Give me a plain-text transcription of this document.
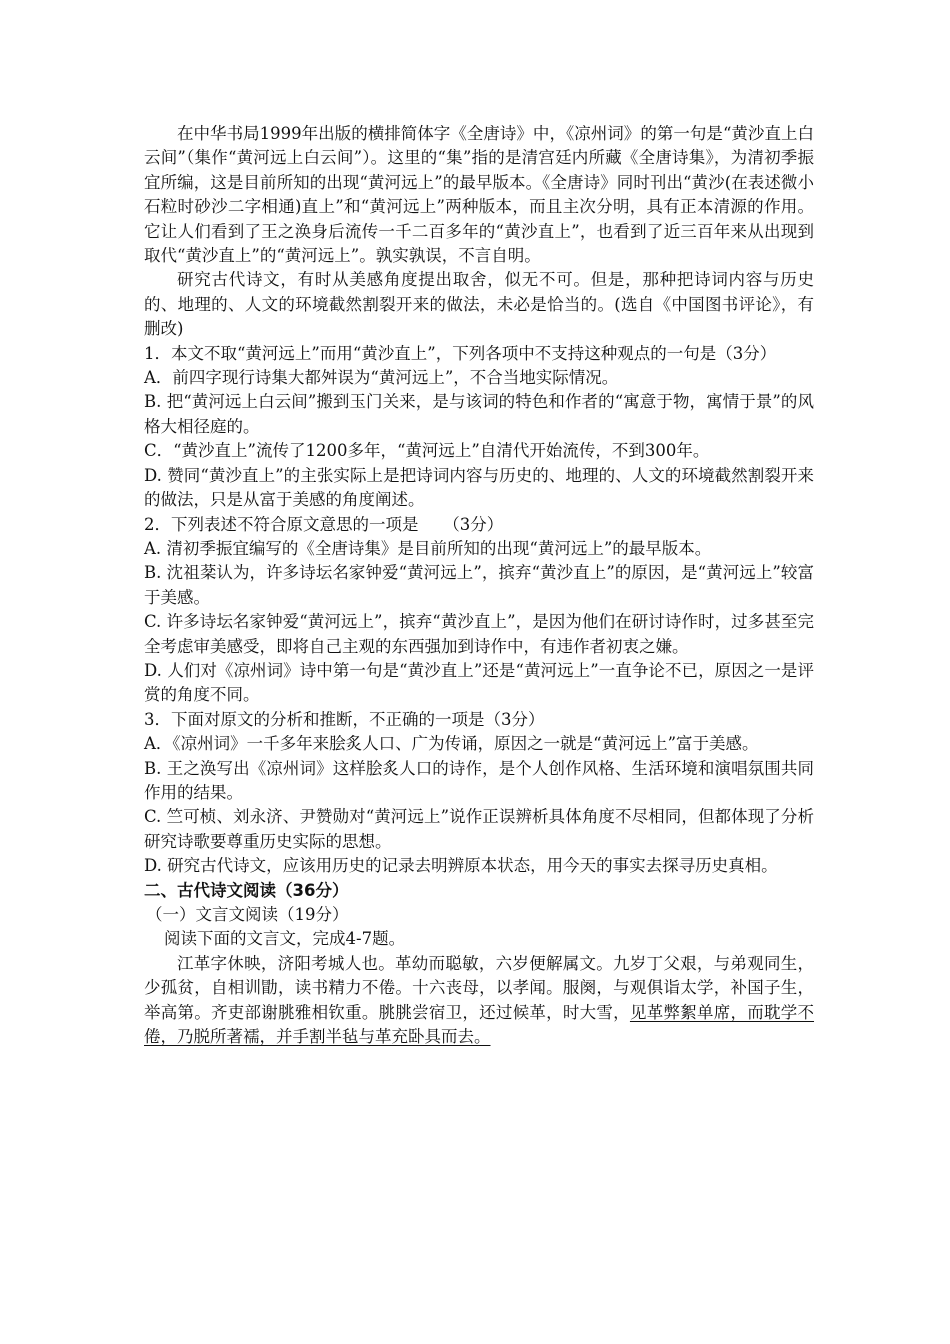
在中华书局1999年出版的横排简体字《全唐诗》中，《凉州词》的第一句是“黄沙直上白云间”（集作“黄河远上白云间”）。这里的“集”指的是清宫廷内所藏《全唐诗集》，为清初季振宜所编，这是目前所知的出现“黄河远上”的最早版本。《全唐诗》同时刊出“黄沙(在表述微小石粒时砂沙二字相通)直上”和“黄河远上”两种版本，而且主次分明，具有正本清源的作用。它让人们看到了王之涣身后流传一千二百多年的“黄沙直上”，也看到了近三百年来从出现到取代“黄沙直上”的“黄河远上”。孰实孰误，不言自明。

研究古代诗文，有时从美感角度提出取舍，似无不可。但是，那种把诗词内容与历史的、地理的、人文的环境截然割裂开来的做法，未必是恰当的。(选自《中国图书评论》，有删改)

1．本文不取“黄河远上”而用“黄沙直上”，下列各项中不支持这种观点的一句是（3分）

A．前四字现行诗集大都舛误为“黄河远上”，不合当地实际情况。

B. 把“黄河远上白云间”搬到玉门关来，是与该词的特色和作者的“寓意于物，寓情于景”的风格大相径庭的。

C．“黄沙直上”流传了1200多年，“黄河远上”自清代开始流传，不到300年。

D. 赞同“黄沙直上”的主张实际上是把诗词内容与历史的、地理的、人文的环境截然割裂开来的做法，只是从富于美感的角度阐述。

2．下列表述不符合原文意思的一项是　　（3分）

A. 清初季振宜编写的《全唐诗集》是目前所知的出现“黄河远上”的最早版本。

B. 沈祖棻认为，许多诗坛名家钟爱“黄河远上”，摈弃“黄沙直上”的原因，是“黄河远上”较富于美感。

C. 许多诗坛名家钟爱“黄河远上”，摈弃“黄沙直上”，是因为他们在研讨诗作时，过多甚至完全考虑审美感受，即将自己主观的东西强加到诗作中，有违作者初衷之嫌。

D. 人们对《凉州词》诗中第一句是“黄沙直上”还是“黄河远上”一直争论不已，原因之一是评赏的角度不同。

3．下面对原文的分析和推断，不正确的一项是（3分）

A．《凉州词》一千多年来脍炙人口、广为传诵，原因之一就是“黄河远上”富于美感。

B. 王之涣写出《凉州词》这样脍炙人口的诗作，是个人创作风格、生活环境和演唱氛围共同作用的结果。

C. 竺可桢、刘永济、尹赞勋对“黄河远上”说作正误辨析具体角度不尽相同，但都体现了分析研究诗歌要尊重历史实际的思想。

D. 研究古代诗文，应该用历史的记录去明辨原本状态，用今天的事实去探寻历史真相。

二、古代诗文阅读（36分）

（一）文言文阅读（19分）

阅读下面的文言文，完成4-7题。

江革字休映，济阳考城人也。革幼而聪敏，六岁便解属文。九岁丁父艰，与弟观同生，少孤贫，自相训勖，读书精力不倦。十六丧母，以孝闻。服阕，与观俱诣太学，补国子生，举高第。齐吏部谢朓雅相钦重。朓朓尝宿卫，还过候革，时大雪，见革弊絮单席，而耽学不倦，乃脱所著襦，并手割半毡与革充卧具而去。
